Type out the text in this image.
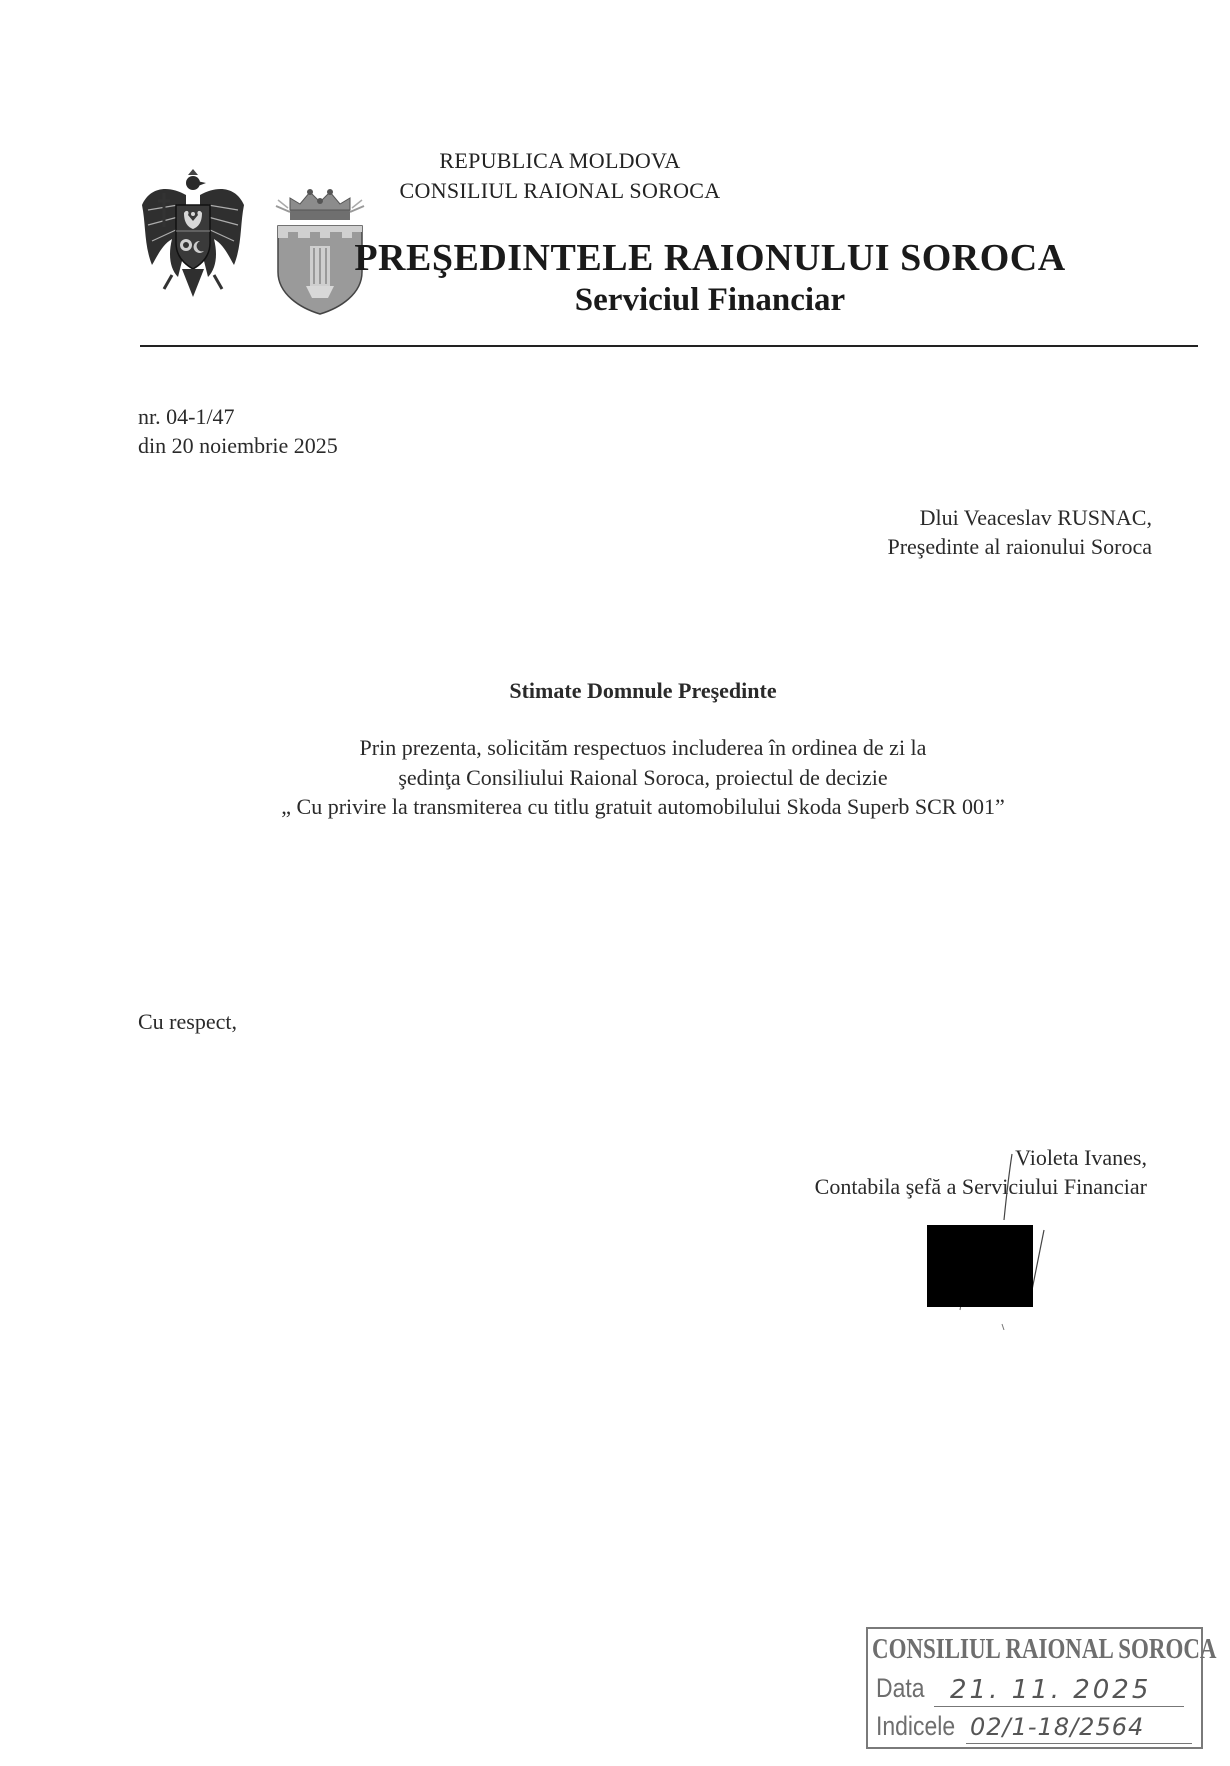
REPUBLICA MOLDOVA
CONSILIUL RAIONAL SOROCA
PREŞEDINTELE RAIONULUI SOROCA
Serviciul Financiar
nr. 04-1/47
din 20 noiembrie 2025
Dlui Veaceslav RUSNAC,
Preşedinte al raionului Soroca
Stimate Domnule Preşedinte
Prin prezenta, solicităm respectuos includerea în ordinea de zi la
şedinţa Consiliului Raional Soroca, proiectul de decizie
„ Cu privire la transmiterea cu titlu gratuit automobilului Skoda Superb SCR 001”
Cu respect,
Violeta Ivanes,
Contabila şefă a Serviciului Financiar
CONSILIUL RAIONAL SOROCA
Data 21. 11. 2025
Indicele 02/1-18/2564
